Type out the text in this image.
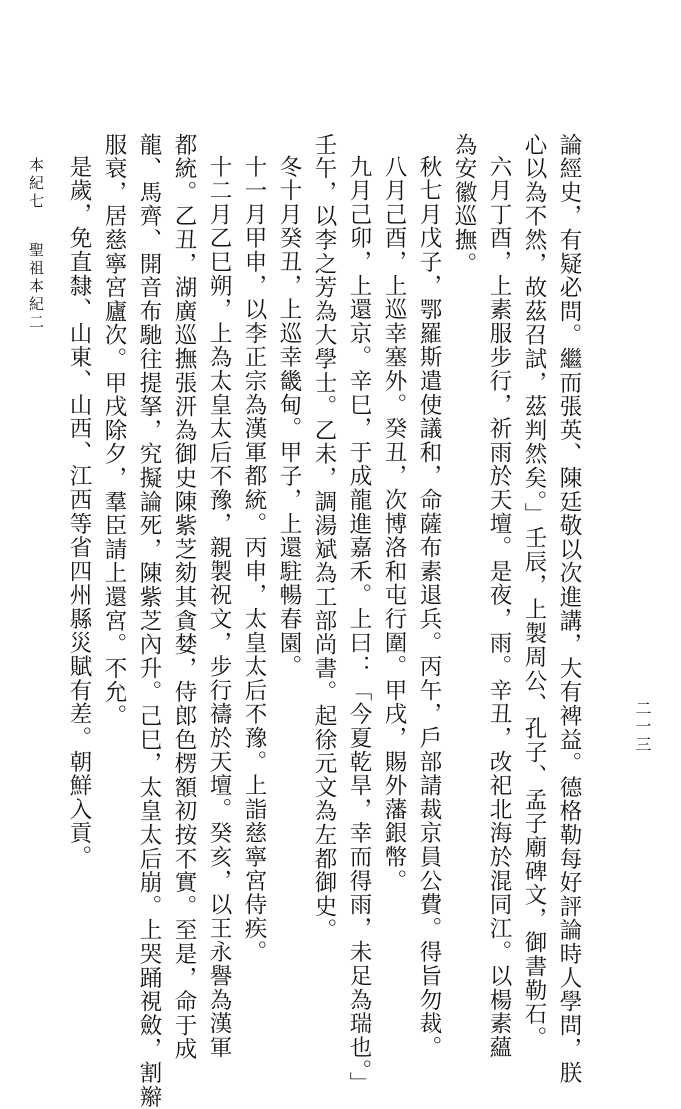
論經史，有疑必問。繼而張英、陳廷敬以次進講，大有裨益。德格勒每好評論時人學問，朕
心以為不然，故茲召試，茲判然矣。」壬辰，上製周公、孔子、孟子廟碑文，御書勒石。
六月丁酉，上素服步行，祈雨於天壇。是夜，雨。辛丑，改祀北海於混同江。以楊素蘊
為安徽巡撫。
秋七月戊子，鄂羅斯遣使議和，命薩布素退兵。丙午，戶部請裁京員公費。得旨勿裁。
八月己酉，上巡幸塞外。癸丑，次博洛和屯行圍。甲戌，賜外藩銀幣。
九月己卯，上還京。辛巳，于成龍進嘉禾。上曰：「今夏乾旱，幸而得雨，未足為瑞也。」
壬午，以李之芳為大學士。乙未，調湯斌為工部尚書。起徐元文為左都御史。
冬十月癸丑，上巡幸畿甸。甲子，上還駐暢春園。
十一月甲申，以李正宗為漢軍都統。丙申，太皇太后不豫。上詣慈寧宮侍疾。
十二月乙巳朔，上為太皇太后不豫，親製祝文，步行禱於天壇。癸亥，以王永譽為漢軍
都統。乙丑，湖廣巡撫張汧為御史陳紫芝劾其貪婪，侍郎色楞額初按不實。至是，命于成
龍、馬齊、開音布馳往提拏，究擬論死，陳紫芝內升。己巳，太皇太后崩。上哭踊視斂，割辮
服衰，居慈寧宮廬次。甲戌除夕，羣臣請上還宮。不允。
是歲，免直隸、山東、山西、江西等省四州縣災賦有差。朝鮮入貢。
本紀七
聖祖本紀二
二一三
